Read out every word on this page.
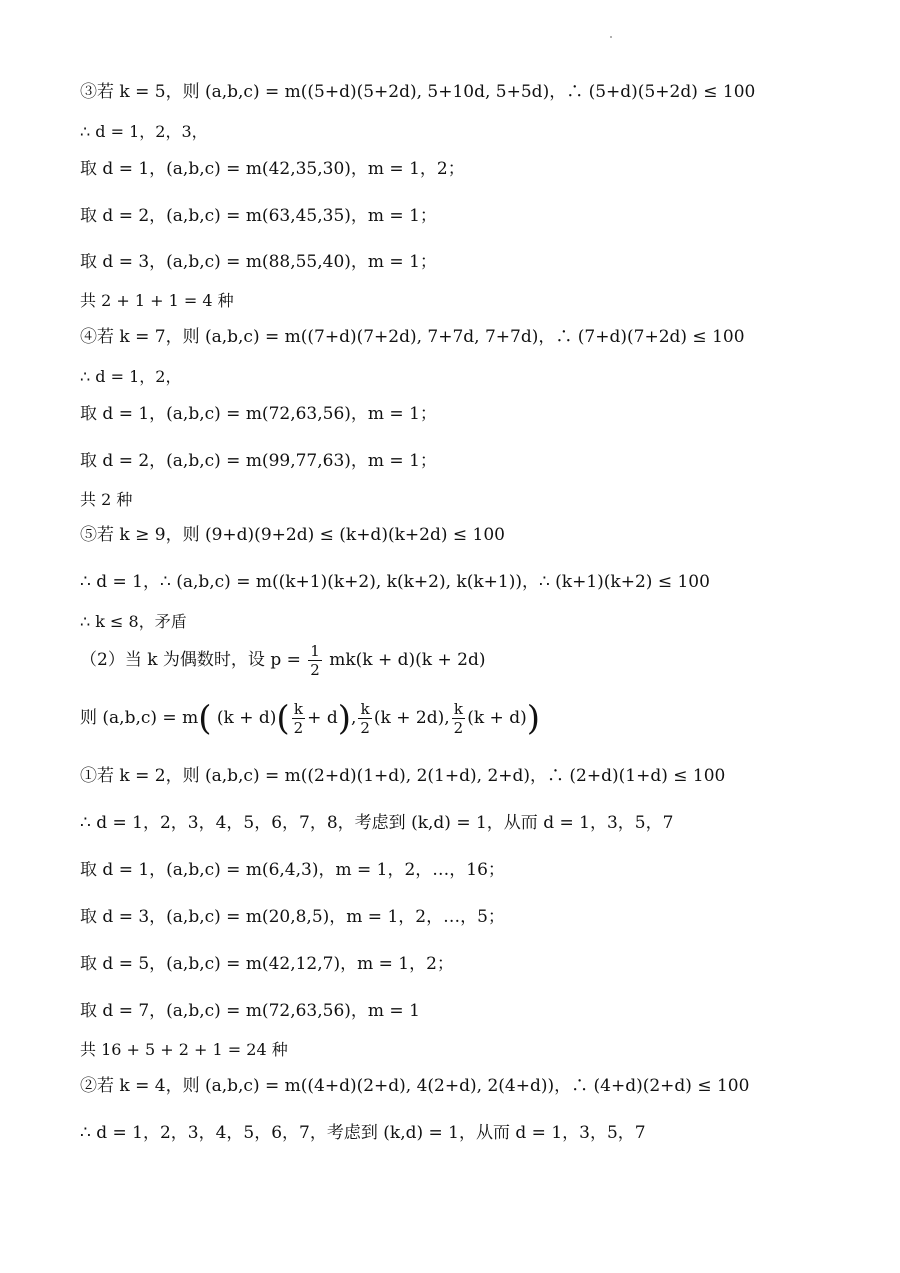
③若 k = 5，则 (a,b,c) = m((5+d)(5+2d), 5+10d, 5+5d)，∴ (5+d)(5+2d) ≤ 100
∴ d = 1，2，3，
取 d = 1，(a,b,c) = m(42,35,30)，m = 1，2；
取 d = 2，(a,b,c) = m(63,45,35)，m = 1；
取 d = 3，(a,b,c) = m(88,55,40)，m = 1；
共 2 + 1 + 1 = 4 种
④若 k = 7，则 (a,b,c) = m((7+d)(7+2d), 7+7d, 7+7d)，∴ (7+d)(7+2d) ≤ 100
∴ d = 1，2，
取 d = 1，(a,b,c) = m(72,63,56)，m = 1；
取 d = 2，(a,b,c) = m(99,77,63)，m = 1；
共 2 种
⑤若 k ≥ 9，则 (9+d)(9+2d) ≤ (k+d)(k+2d) ≤ 100
∴ d = 1，∴ (a,b,c) = m((k+1)(k+2), k(k+2), k(k+1))，∴ (k+1)(k+2) ≤ 100
∴ k ≤ 8，矛盾
（2）当 k 为偶数时，设 $p = \frac{1}{2} mk(k + d)(k + 2d)$
则 (a,b,c) = m( $(k + d)( \frac{k}{2} + d)$, $\frac{k}{2} (k + 2d)$, $\frac{k}{2} (k + d)$)
①若 k = 2，则 (a,b,c) = m((2+d)(1+d), 2(1+d), 2+d)，∴ (2+d)(1+d) ≤ 100
∴ d = 1，2，3，4，5，6，7，8，考虑到 (k,d) = 1，从而 d = 1，3，5，7
取 d = 1，(a,b,c) = m(6,4,3)，m = 1，2，…，16；
取 d = 3，(a,b,c) = m(20,8,5)，m = 1，2，…，5；
取 d = 5，(a,b,c) = m(42,12,7)，m = 1，2；
取 d = 7，(a,b,c) = m(72,63,56)，m = 1
共 16 + 5 + 2 + 1 = 24 种
②若 k = 4，则 (a,b,c) = m((4+d)(2+d), 4(2+d), 2(4+d))，∴ (4+d)(2+d) ≤ 100
∴ d = 1，2，3，4，5，6，7，考虑到 (k,d) = 1，从而 d = 1，3，5，7
